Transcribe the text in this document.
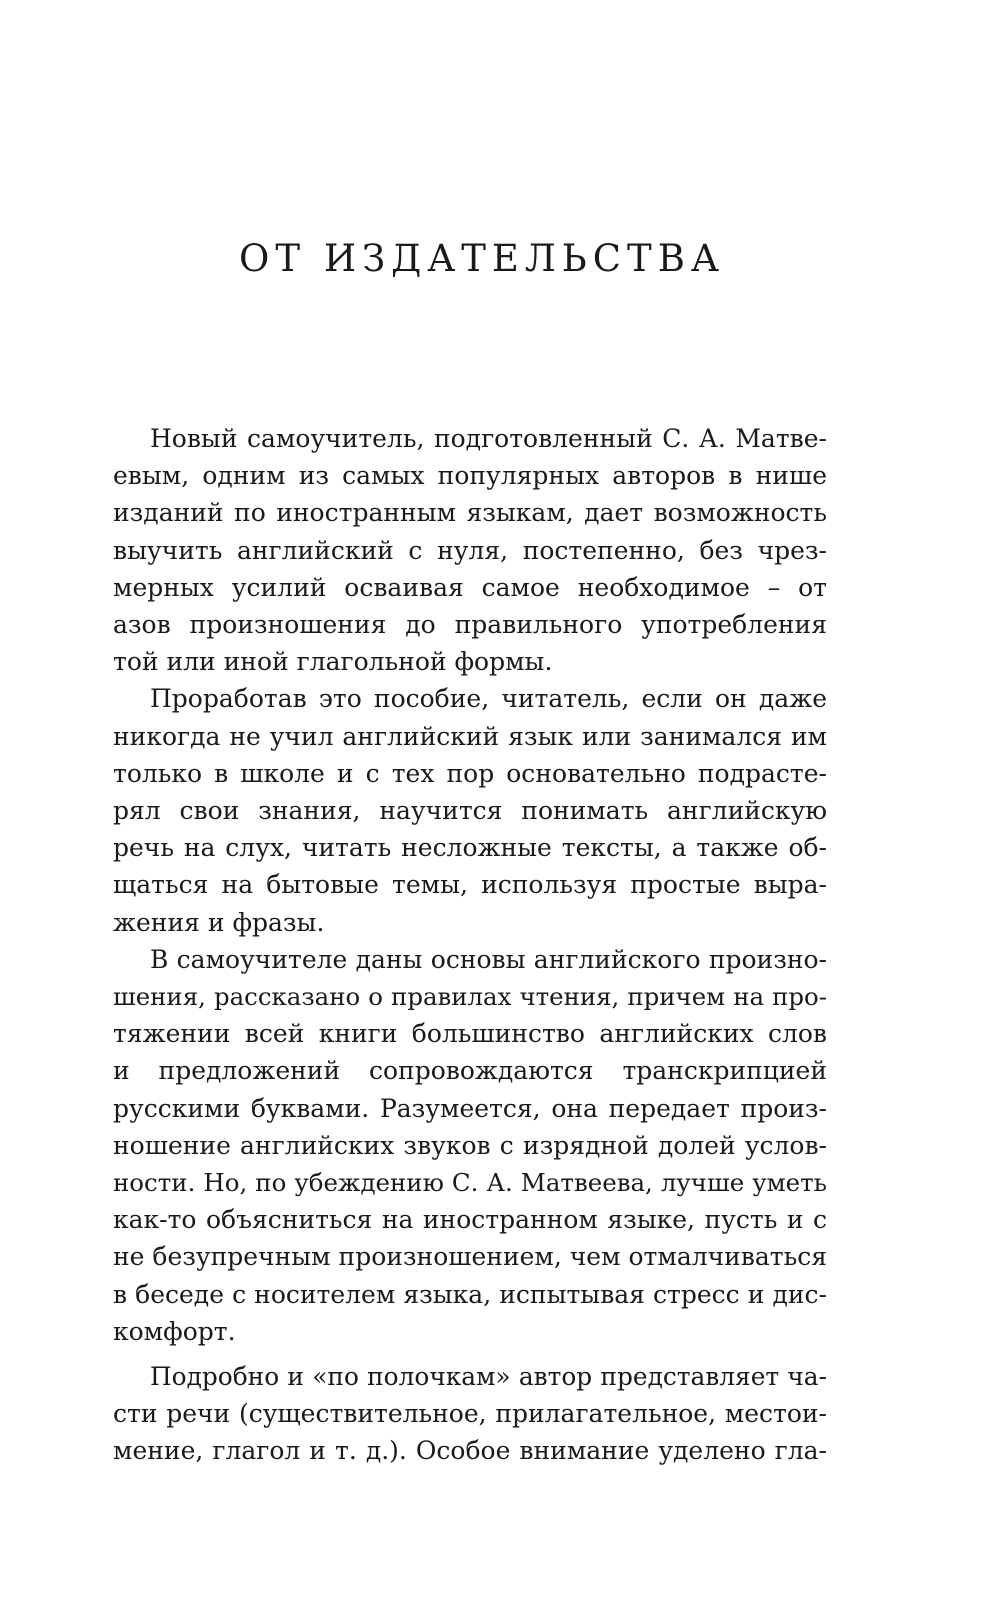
ОТ ИЗДАТЕЛЬСТВА
Новый самоучитель, подготовленный С. А. Матве-
евым, одним из самых популярных авторов в нише
изданий по иностранным языкам, дает возможность
выучить английский с нуля, постепенно, без чрез-
мерных усилий осваивая самое необходимое – от
азов произношения до правильного употребления
той или иной глагольной формы.
Проработав это пособие, читатель, если он даже
никогда не учил английский язык или занимался им
только в школе и с тех пор основательно подрасте-
рял свои знания, научится понимать английскую
речь на слух, читать несложные тексты, а также об-
щаться на бытовые темы, используя простые выра-
жения и фразы.
В самоучителе даны основы английского произно-
шения, рассказано о правилах чтения, причем на про-
тяжении всей книги большинство английских слов
и предложений сопровождаются транскрипцией
русскими буквами. Разумеется, она передает произ-
ношение английских звуков с изрядной долей услов-
ности. Но, по убеждению С. А. Матвеева, лучше уметь
как-то объясниться на иностранном языке, пусть и с
не безупречным произношением, чем отмалчиваться
в беседе с носителем языка, испытывая стресс и дис-
комфорт.
Подробно и «по полочкам» автор представляет ча-
сти речи (существительное, прилагательное, местои-
мение, глагол и т. д.). Особое внимание уделено гла-
